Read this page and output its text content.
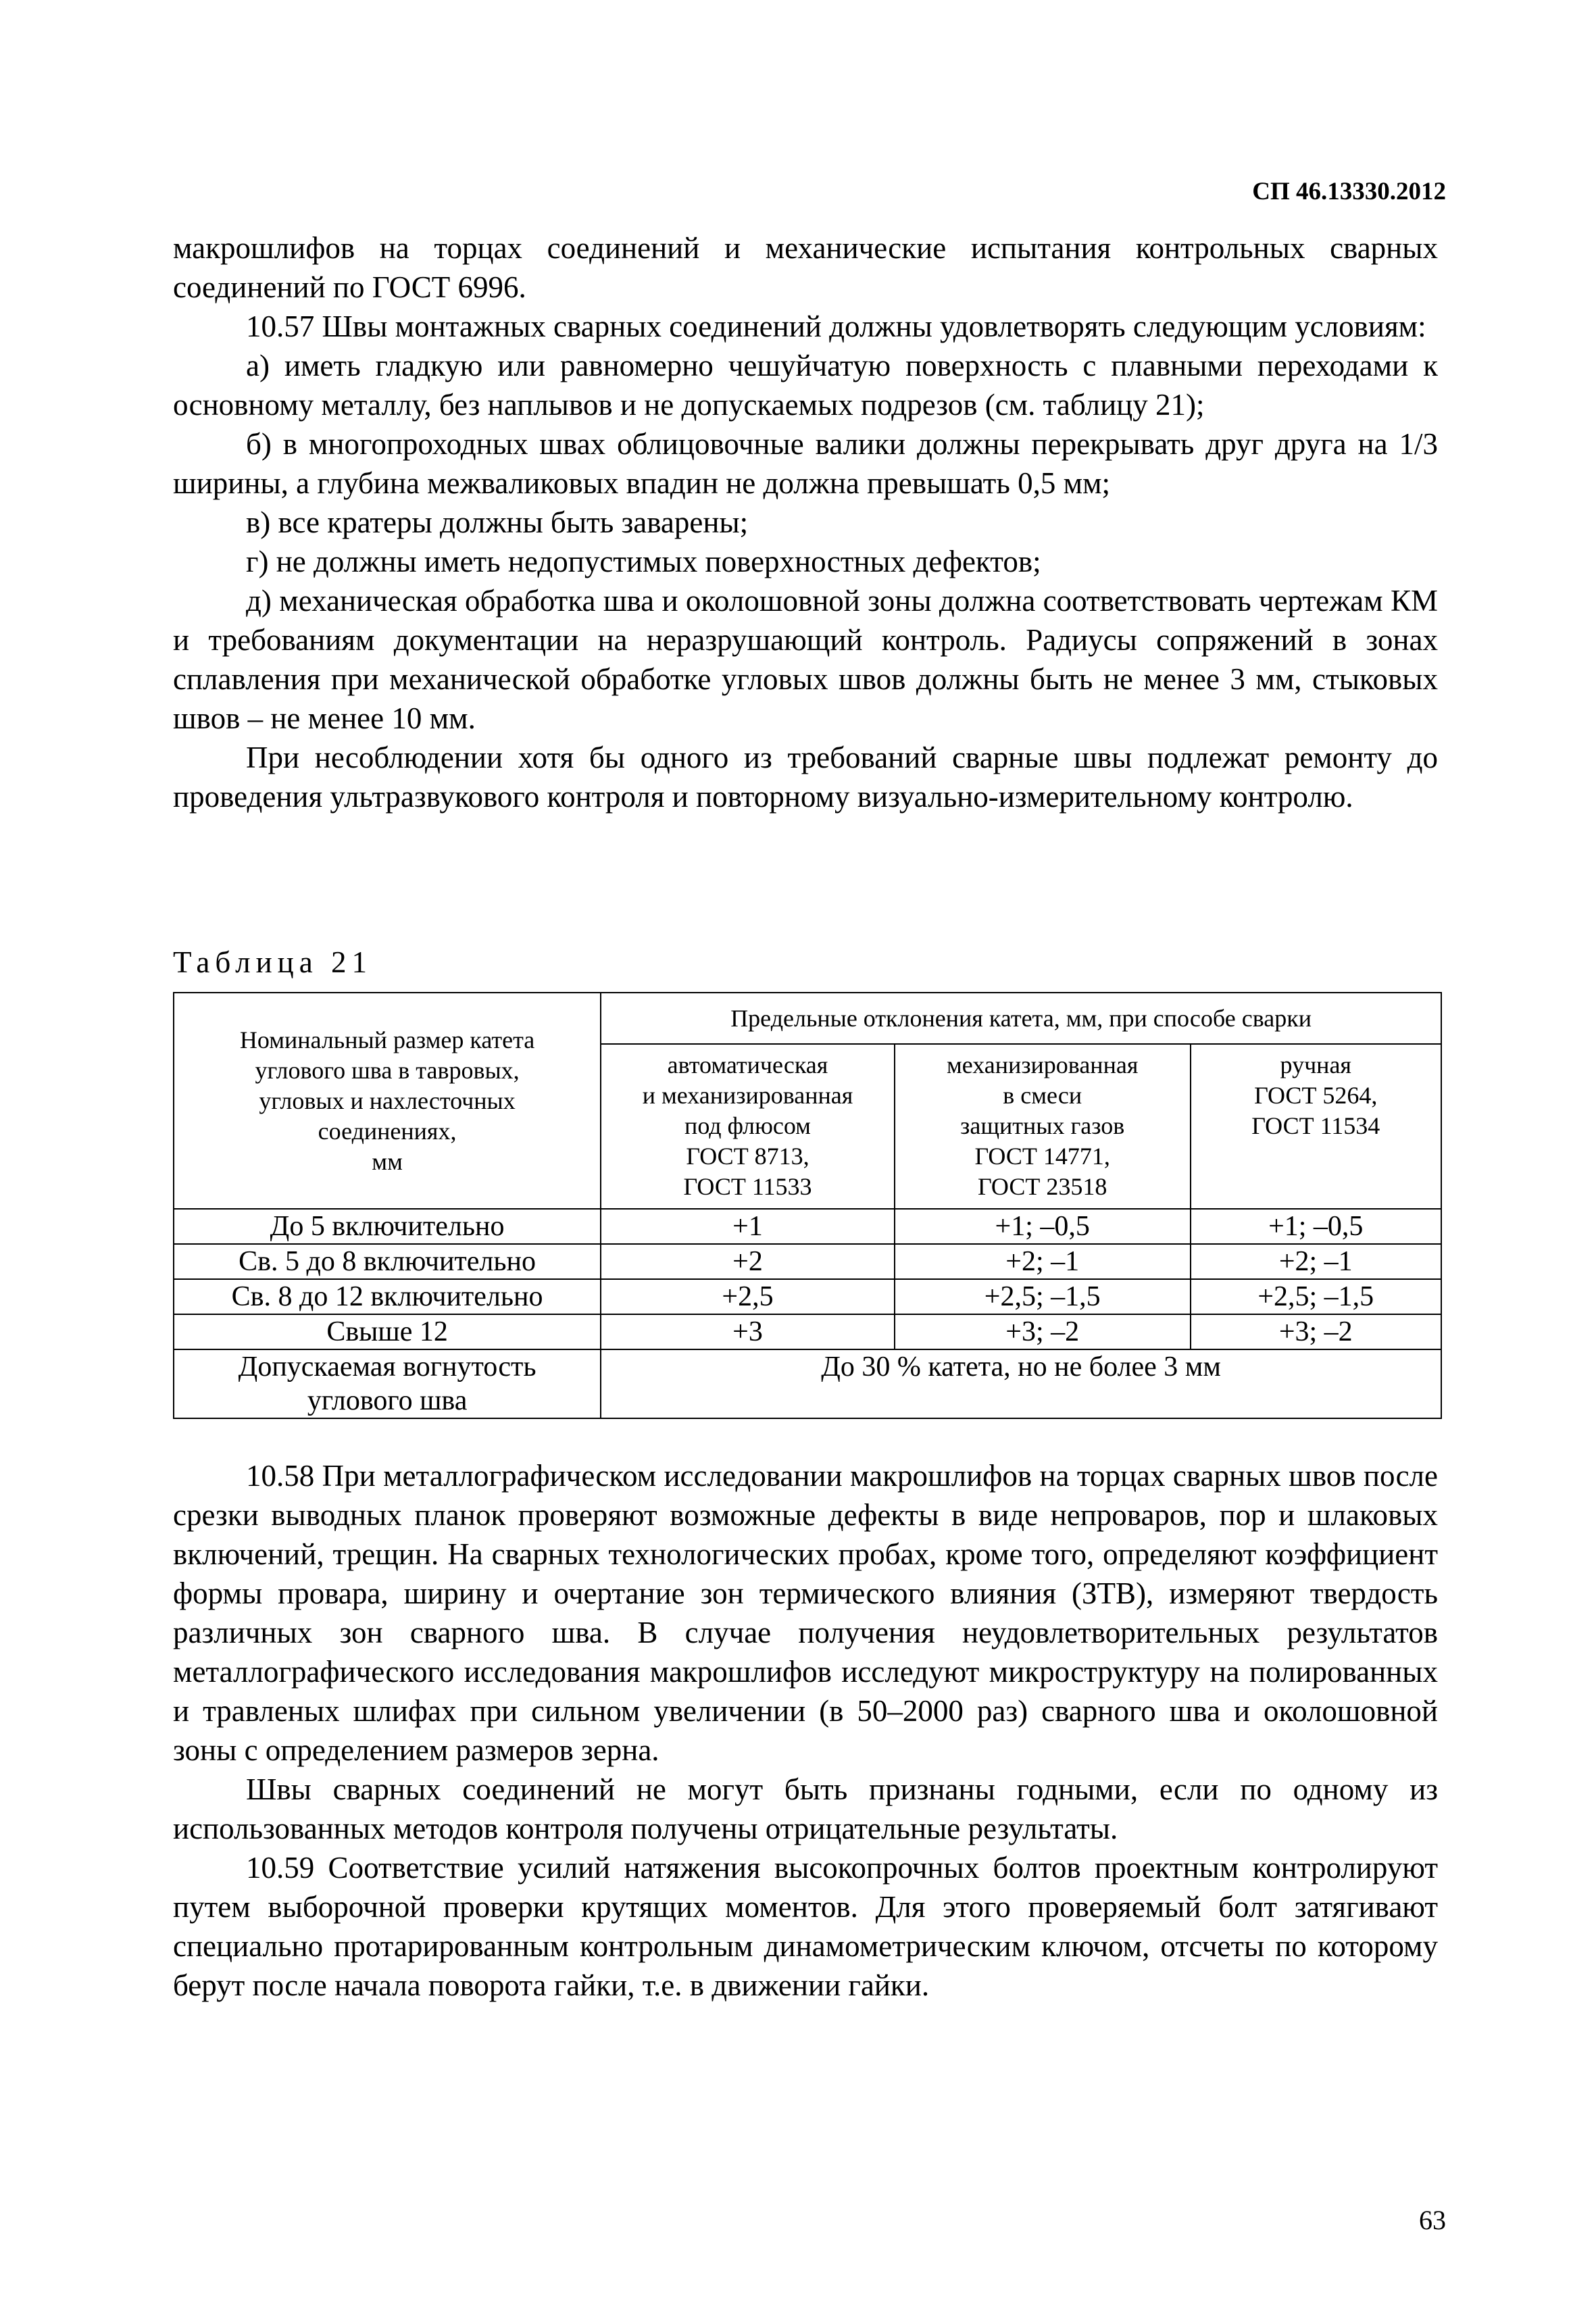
СП 46.13330.2012

макрошлифов на торцах соединений и механические испытания контрольных сварных соединений по ГОСТ 6996.

10.57 Швы монтажных сварных соединений должны удовлетворять следующим условиям:

а) иметь гладкую или равномерно чешуйчатую поверхность с плавными переходами к основному металлу, без наплывов и не допускаемых подрезов (см. таблицу 21);

б) в многопроходных швах облицовочные валики должны перекрывать друг друга на 1/3 ширины, а глубина межваликовых впадин не должна превышать 0,5 мм;

в) все кратеры должны быть заварены;

г) не должны иметь недопустимых поверхностных дефектов;

д) механическая обработка шва и околошовной зоны должна соответствовать чертежам КМ и требованиям документации на неразрушающий контроль. Радиусы сопряжений в зонах сплавления при механической обработке угловых швов должны быть не менее 3 мм, стыковых швов – не менее 10 мм.

При несоблюдении хотя бы одного из требований сварные швы подлежат ремонту до проведения ультразвукового контроля и повторному визуально-измерительному контролю.

Таблица 21
Номинальный размер катета
углового шва в тавровых,
угловых и нахлесточных
соединениях,
мм	Предельные отклонения катета, мм, при способе сварки		

	автоматическая
и механизированная
под флюсом
ГОСТ 8713,
ГОСТ 11533	механизированная
в смеси
защитных газов
ГОСТ 14771,
ГОСТ 23518	ручная
ГОСТ 5264,
ГОСТ 11534

До 5 включительно	+1	+1; –0,5	+1; –0,5
Св. 5 до 8 включительно	+2	+2; –1	+2; –1
Св. 8 до 12 включительно	+2,5	+2,5; –1,5	+2,5; –1,5
Свыше 12	+3	+3; –2	+3; –2

Допускаемая вогнутость
углового шва	До 30 % катета, но не более 3 мм		

10.58 При металлографическом исследовании макрошлифов на торцах сварных швов после срезки выводных планок проверяют возможные дефекты в виде непроваров, пор и шлаковых включений, трещин. На сварных технологических пробах, кроме того, определяют коэффициент формы провара, ширину и очертание зон термического влияния (ЗТВ), измеряют твердость различных зон сварного шва. В случае получения неудовлетворительных результатов металлографического исследования макрошлифов исследуют микроструктуру на полированных и травленых шлифах при сильном увеличении (в 50–2000 раз) сварного шва и околошовной зоны с определением размеров зерна.

Швы сварных соединений не могут быть признаны годными, если по одному из использованных методов контроля получены отрицательные результаты.

10.59 Соответствие усилий натяжения высокопрочных болтов проектным контролируют путем выборочной проверки крутящих моментов. Для этого проверяемый болт затягивают специально протарированным контрольным динамометрическим ключом, отсчеты по которому берут после начала поворота гайки, т.е. в движении гайки.

63
